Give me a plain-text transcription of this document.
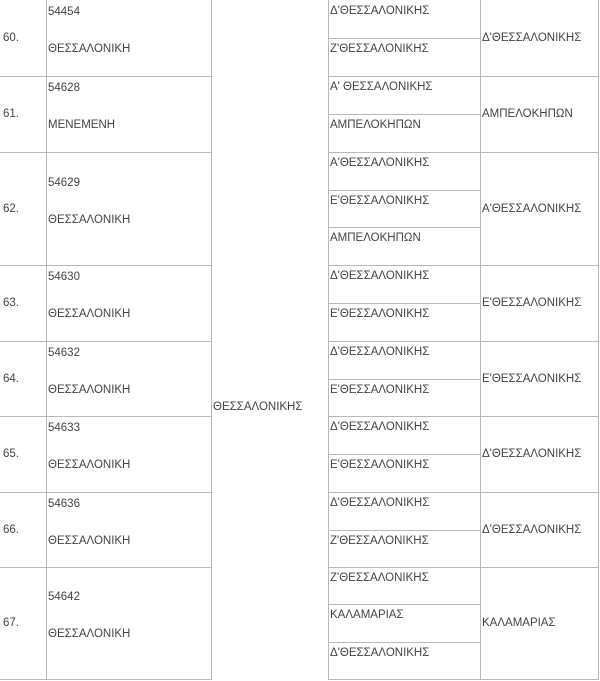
60.
54454
ΘΕΣΣΑΛΟΝΙΚΗ
Δ'ΘΕΣΣΑΛΟΝΙΚΗΣ
Ζ'ΘΕΣΣΑΛΟΝΙΚΗΣ
Δ'ΘΕΣΣΑΛΟΝΙΚΗΣ
61.
54628
ΜΕΝΕΜΕΝΗ
Α' ΘΕΣΣΑΛΟΝΙΚΗΣ
ΑΜΠΕΛΟΚΗΠΩΝ
ΑΜΠΕΛΟΚΗΠΩΝ
62.
54629
ΘΕΣΣΑΛΟΝΙΚΗ
Α'ΘΕΣΣΑΛΟΝΙΚΗΣ
Ε'ΘΕΣΣΑΛΟΝΙΚΗΣ
ΑΜΠΕΛΟΚΗΠΩΝ
Α'ΘΕΣΣΑΛΟΝΙΚΗΣ
63.
54630
ΘΕΣΣΑΛΟΝΙΚΗ
Δ'ΘΕΣΣΑΛΟΝΙΚΗΣ
Ε'ΘΕΣΣΑΛΟΝΙΚΗΣ
Ε'ΘΕΣΣΑΛΟΝΙΚΗΣ
64.
54632
ΘΕΣΣΑΛΟΝΙΚΗ
Δ'ΘΕΣΣΑΛΟΝΙΚΗΣ
Ε'ΘΕΣΣΑΛΟΝΙΚΗΣ
Ε'ΘΕΣΣΑΛΟΝΙΚΗΣ
65.
54633
ΘΕΣΣΑΛΟΝΙΚΗ
Δ'ΘΕΣΣΑΛΟΝΙΚΗΣ
Ε'ΘΕΣΣΑΛΟΝΙΚΗΣ
Δ'ΘΕΣΣΑΛΟΝΙΚΗΣ
66.
54636
ΘΕΣΣΑΛΟΝΙΚΗ
Δ'ΘΕΣΣΑΛΟΝΙΚΗΣ
Ζ'ΘΕΣΣΑΛΟΝΙΚΗΣ
Δ'ΘΕΣΣΑΛΟΝΙΚΗΣ
67.
54642
ΘΕΣΣΑΛΟΝΙΚΗ
Ζ'ΘΕΣΣΑΛΟΝΙΚΗΣ
ΚΑΛΑΜΑΡΙΑΣ
Δ'ΘΕΣΣΑΛΟΝΙΚΗΣ
ΚΑΛΑΜΑΡΙΑΣ
ΘΕΣΣΑΛΟΝΙΚΗΣ
